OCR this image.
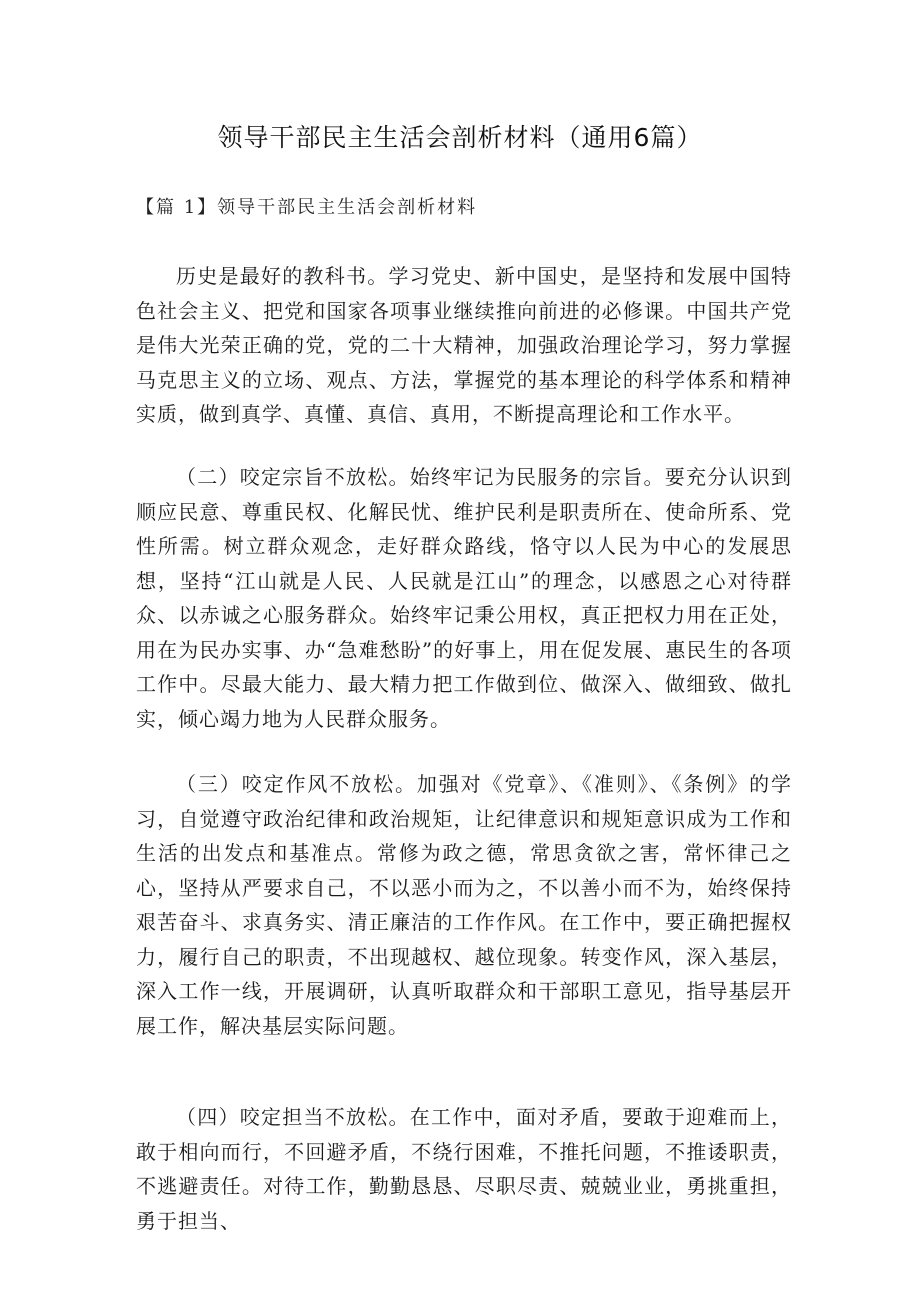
领导干部民主生活会剖析材料（通用6篇）
【篇 1】领导干部民主生活会剖析材料

历史是最好的教科书。学习党史、新中国史，是坚持和发展中国特色社会主义、把党和国家各项事业继续推向前进的必修课。中国共产党是伟大光荣正确的党，党的二十大精神，加强政治理论学习，努力掌握马克思主义的立场、观点、方法，掌握党的基本理论的科学体系和精神实质，做到真学、真懂、真信、真用，不断提高理论和工作水平。

（二）咬定宗旨不放松。始终牢记为民服务的宗旨。要充分认识到顺应民意、尊重民权、化解民忧、维护民利是职责所在、使命所系、党性所需。树立群众观念，走好群众路线，恪守以人民为中心的发展思想，坚持“江山就是人民、人民就是江山”的理念，以感恩之心对待群众、以赤诚之心服务群众。始终牢记秉公用权，真正把权力用在正处，用在为民办实事、办“急难愁盼”的好事上，用在促发展、惠民生的各项工作中。尽最大能力、最大精力把工作做到位、做深入、做细致、做扎实，倾心竭力地为人民群众服务。

（三）咬定作风不放松。加强对《党章》、《准则》、《条例》的学习，自觉遵守政治纪律和政治规矩，让纪律意识和规矩意识成为工作和生活的出发点和基准点。常修为政之德，常思贪欲之害，常怀律己之心，坚持从严要求自己，不以恶小而为之，不以善小而不为，始终保持艰苦奋斗、求真务实、清正廉洁的工作作风。在工作中，要正确把握权力，履行自己的职责，不出现越权、越位现象。转变作风，深入基层，深入工作一线，开展调研，认真听取群众和干部职工意见，指导基层开展工作，解决基层实际问题。

（四）咬定担当不放松。在工作中，面对矛盾，要敢于迎难而上，敢于相向而行，不回避矛盾，不绕行困难，不推托问题，不推诿职责，不逃避责任。对待工作，勤勤恳恳、尽职尽责、兢兢业业，勇挑重担，勇于担当、
